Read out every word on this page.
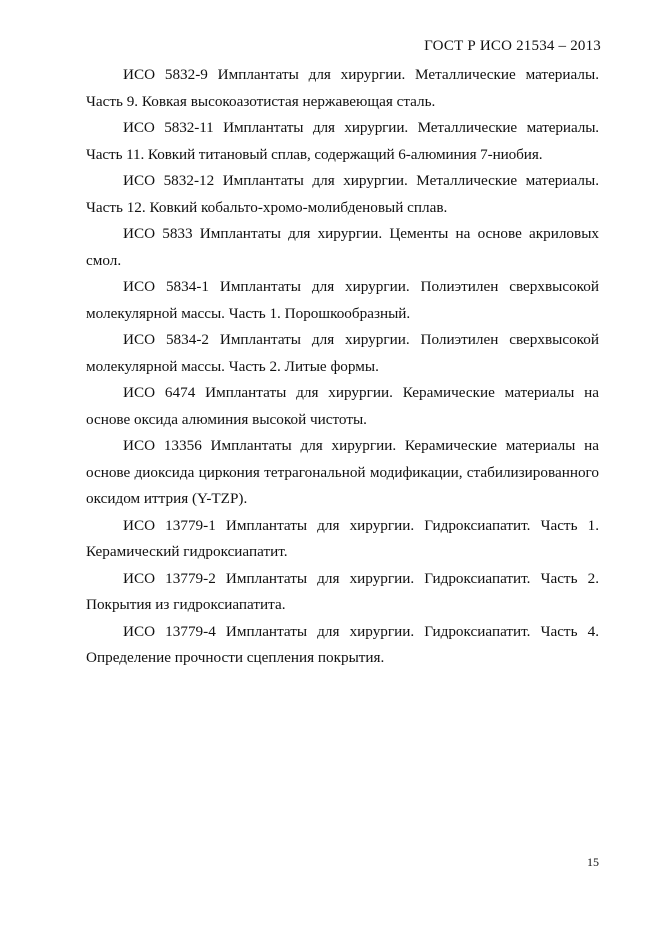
ГОСТ Р ИСО 21534 – 2013

ИСО 5832-9 Имплантаты для хирургии. Металлические материалы. Часть 9. Ковкая высокоазотистая нержавеющая сталь.

ИСО 5832-11 Имплантаты для хирургии. Металлические материалы. Часть 11. Ковкий титановый сплав, содержащий 6-алюминия 7-ниобия.

ИСО 5832-12 Имплантаты для хирургии. Металлические материалы. Часть 12. Ковкий кобальто-хромо-молибденовый сплав.

ИСО 5833 Имплантаты для хирургии. Цементы на основе акриловых смол.

ИСО 5834-1 Имплантаты для хирургии. Полиэтилен сверхвысокой молекулярной массы. Часть 1. Порошкообразный.

ИСО 5834-2 Имплантаты для хирургии. Полиэтилен сверхвысокой молекулярной массы. Часть 2. Литые формы.

ИСО 6474 Имплантаты для хирургии. Керамические материалы на основе оксида алюминия высокой чистоты.

ИСО 13356 Имплантаты для хирургии. Керамические материалы на основе диоксида циркония тетрагональной модификации, стабилизированного оксидом иттрия (Y-TZP).

ИСО 13779-1 Имплантаты для хирургии. Гидроксиапатит. Часть 1. Керамический гидроксиапатит.

ИСО 13779-2 Имплантаты для хирургии. Гидроксиапатит. Часть 2. Покрытия из гидроксиапатита.

ИСО 13779-4 Имплантаты для хирургии. Гидроксиапатит. Часть 4. Определение прочности сцепления покрытия.

15
